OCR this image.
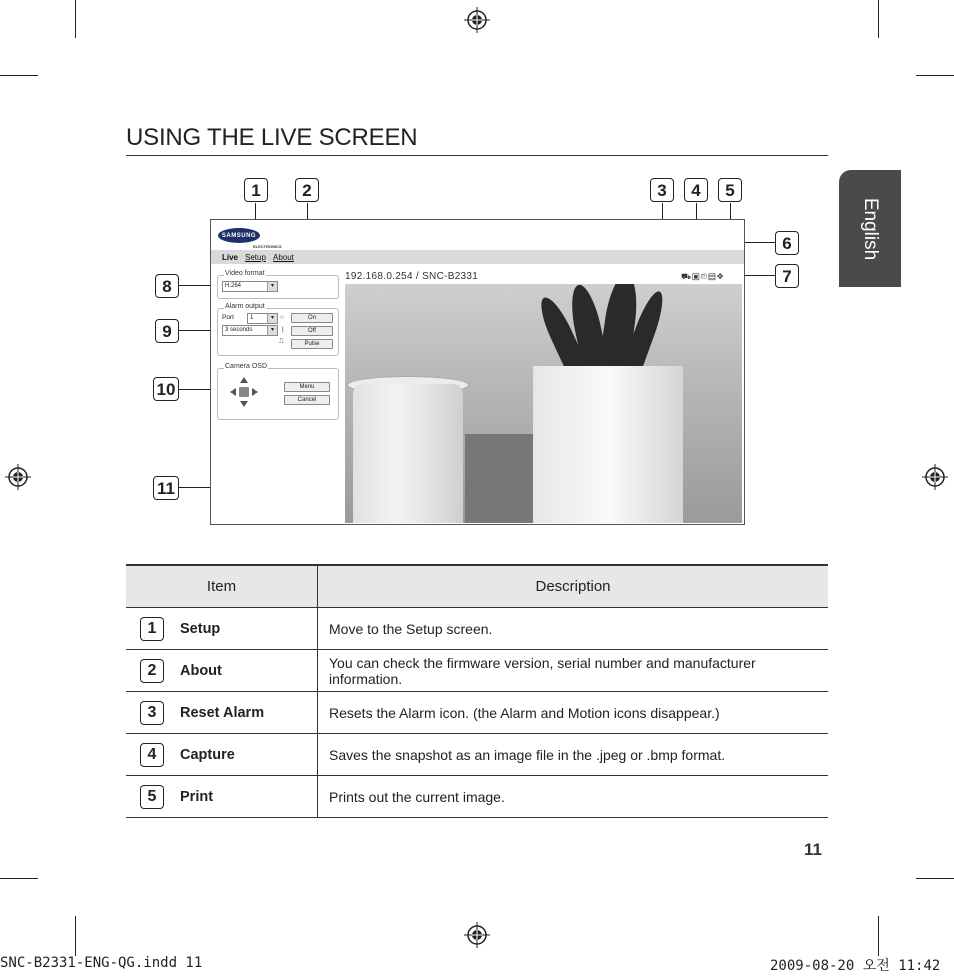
USING THE LIVE SCREEN
English
1	2	3	4	5
6
7
8
9
10
11
SAMSUNG
ELECTRONICS
Live Setup About
Video format
H.264	▾
Alarm output
Port	1	▾
3 seconds	▾
○
|
⎍
On
Off
Pulse
Camera OSD
Menu
Cancel
192.168.0.254 / SNC-B2331	⛟▣⎙▤✥
Item	Description

1 Setup	Move to the Setup screen.

2 About	You can check the firmware version, serial number and manufacturer information.

3 Reset Alarm	Resets the Alarm icon. (the Alarm and Motion icons disappear.)

4 Capture	Saves the snapshot as an image file in the .jpeg or .bmp format.

5 Print	Prints out the current image.
11
SNC-B2331-ENG-QG.indd 11	2009-08-20 오전 11:42
